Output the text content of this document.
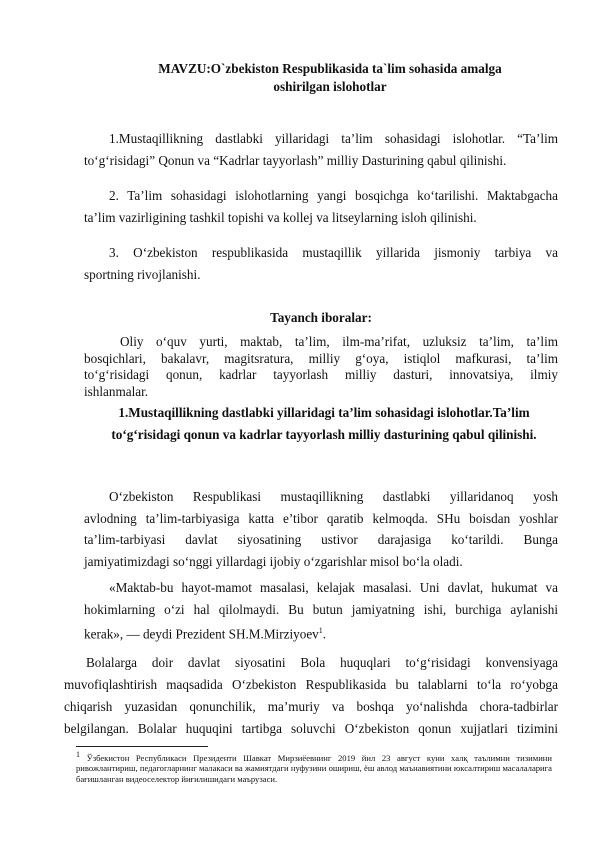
MAVZU:O`zbekiston Respublikasida ta`lim sohasida amalga
oshirilgan islohotlar

1.Mustaqillikning dastlabki yillaridagi ta’lim sohasidagi islohotlar. “Ta’lim
to‘g‘risidagi” Qonun va “Kadrlar tayyorlash” milliy Dasturining qabul qilinishi.
2. Ta’lim sohasidagi islohotlarning yangi bosqichga ko‘tarilishi. Maktabgacha
ta’lim vazirligining tashkil topishi va kollej va litseylarning isloh qilinishi.
3. O‘zbekiston respublikasida mustaqillik yillarida jismoniy tarbiya va
sportning rivojlanishi.

Tayanch iboralar:

Oliy o‘quv yurti, maktab, ta’lim, ilm-ma’rifat, uzluksiz ta’lim, ta’lim
bosqichlari, bakalavr, magitsratura, milliy g‘oya, istiqlol mafkurasi, ta’lim
to‘g‘risidagi qonun, kadrlar tayyorlash milliy dasturi, innovatsiya, ilmiy
ishlanmalar.

1.Mustaqillikning dastlabki yillaridagi ta’lim sohasidagi islohotlar.Ta’lim
to‘g‘risidagi qonun va kadrlar tayyorlash milliy dasturining qabul qilinishi.

O‘zbekiston Respublikasi mustaqillikning dastlabki yillaridanoq yosh
avlodning ta’lim-tarbiyasiga katta e’tibor qaratib kelmoqda. SHu boisdan yoshlar
ta’lim-tarbiyasi davlat siyosatining ustivor darajasiga ko‘tarildi. Bunga
jamiyatimizdagi so‘nggi yillardagi ijobiy o‘zgarishlar misol bo‘la oladi.
«Maktab-bu hayot-mamot masalasi, kelajak masalasi. Uni davlat, hukumat va
hokimlarning o‘zi hal qilolmaydi. Bu butun jamiyatning ishi, burchiga aylanishi
kerak», — deydi Prezident SH.M.Mirziyoev$^1$.
Bolalarga doir davlat siyosatini Bola huquqlari to‘g‘risidagi konvensiyaga
muvofiqlashtirish maqsadida O‘zbekiston Respublikasida bu talablarni to‘la ro‘yobga
chiqarish yuzasidan qonunchilik, ma’muriy va boshqa yo‘nalishda chora-tadbirlar
belgilangan. Bolalar huquqini tartibga soluvchi O‘zbekiston qonun xujjatlari tizimini
$^1$ Ўзбекистон Республикаси Президенти Шавкат Мирзиёевнинг 2019 йил 23 август куни халқ таълимни тизимини ривожлантириш, педагогларнинг малакаси ва жамиятдаги нуфузини ошириш, ёш авлод маънавиятини юксалтириш масалаларига бағишланган видеоселектор йиғилишидаги маърузаси.
